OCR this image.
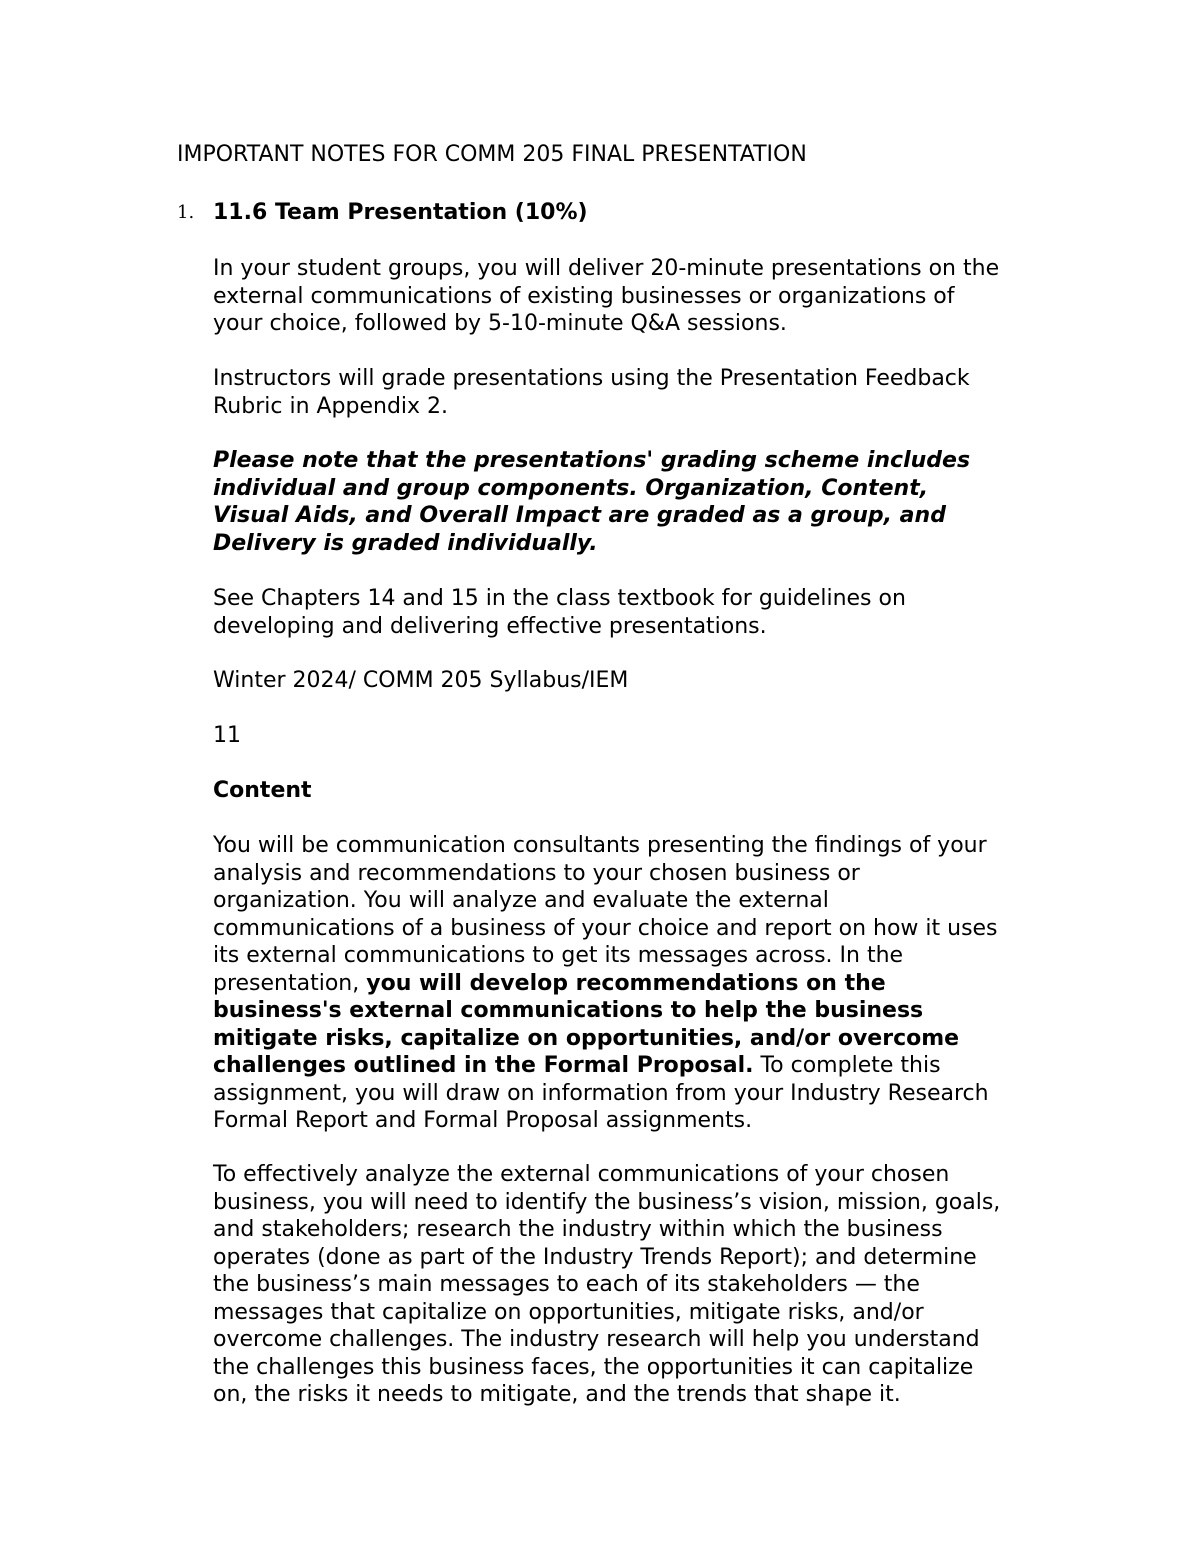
IMPORTANT NOTES FOR COMM 205 FINAL PRESENTATION
1. 11.6 Team Presentation (10%)

In your student groups, you will deliver 20-minute presentations on the
external communications of existing businesses or organizations of
your choice, followed by 5-10-minute Q&A sessions.

Instructors will grade presentations using the Presentation Feedback
Rubric in Appendix 2.

Please note that the presentations' grading scheme includes
individual and group components. Organization, Content,
Visual Aids, and Overall Impact are graded as a group, and
Delivery is graded individually.

See Chapters 14 and 15 in the class textbook for guidelines on
developing and delivering effective presentations.

Winter 2024/ COMM 205 Syllabus/IEM

11

Content

You will be communication consultants presenting the findings of your
analysis and recommendations to your chosen business or
organization. You will analyze and evaluate the external
communications of a business of your choice and report on how it uses
its external communications to get its messages across. In the
presentation, you will develop recommendations on the
business's external communications to help the business
mitigate risks, capitalize on opportunities, and/or overcome
challenges outlined in the Formal Proposal. To complete this
assignment, you will draw on information from your Industry Research
Formal Report and Formal Proposal assignments.

To effectively analyze the external communications of your chosen
business, you will need to identify the business’s vision, mission, goals,
and stakeholders; research the industry within which the business
operates (done as part of the Industry Trends Report); and determine
the business’s main messages to each of its stakeholders — the
messages that capitalize on opportunities, mitigate risks, and/or
overcome challenges. The industry research will help you understand
the challenges this business faces, the opportunities it can capitalize
on, the risks it needs to mitigate, and the trends that shape it.
